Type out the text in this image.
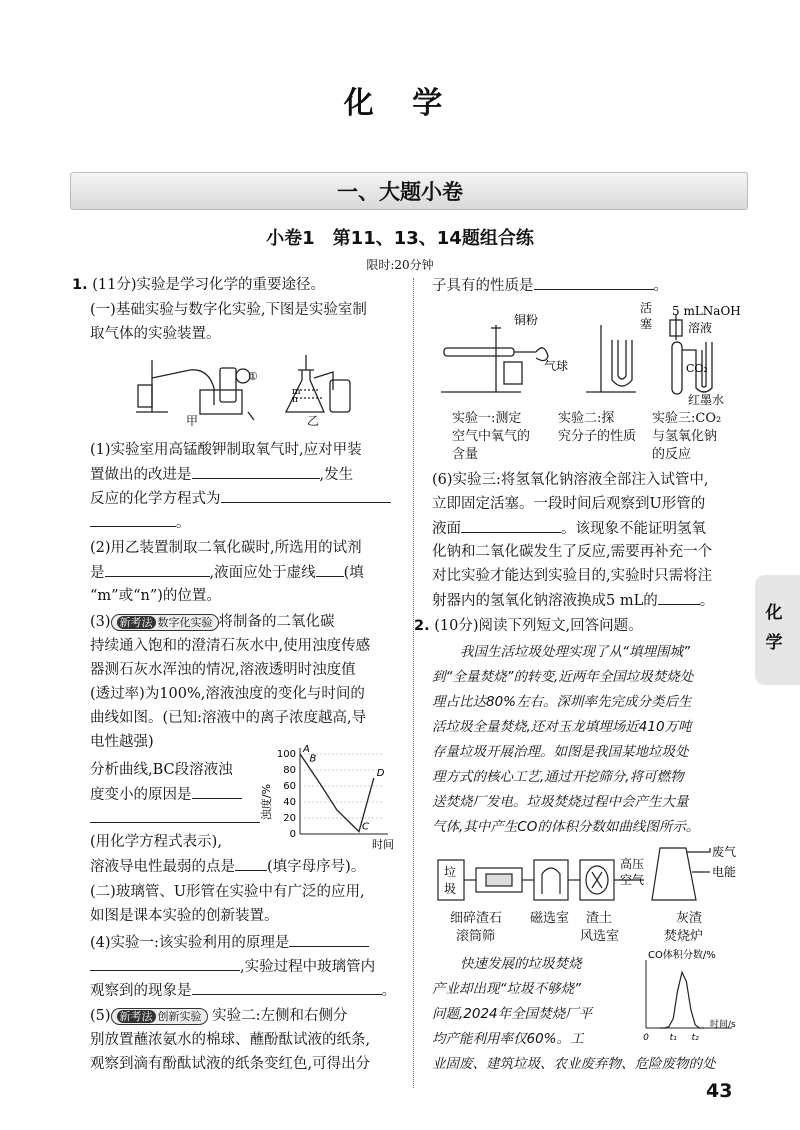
化 学
一、大题小卷
小卷1　第11、13、14题组合练
限时:20分钟
1. (11分)实验是学习化学的重要途径。
(一)基础实验与数字化实验,下图是实验室制
取气体的实验装置。
①
m
n
甲	乙
(1)实验室用高锰酸钾制取氧气时,应对甲装
置做出的改进是	,发生
反应的化学方程式为
。
(2)用乙装置制取二氧化碳时,所选用的试剂
是	,液面应处于虚线 (填
“m”或“n”)的位置。
(3) 新考法 数字化实验 将制备的二氧化碳
持续通入饱和的澄清石灰水中,使用浊度传感
器测石灰水浑浊的情况,溶液透明时浊度值
(透过率)为100%,溶液浊度的变化与时间的
曲线如图。(已知:溶液中的离子浓度越高,导
电性越强)
分析曲线,BC段溶液浊
度变小的原因是
(用化学方程式表示),
溶液导电性最弱的点是 (填字母序号)。
0
20
40
60
80
100
浊度/%
时间
A
B
C
D
(二)玻璃管、U形管在实验中有广泛的应用,
如图是课本实验的创新装置。
(4)实验一:该实验利用的原理是
,实验过程中玻璃管内
观察到的现象是	。
(5) 新考法 创新实验 实验二:左侧和右侧分
别放置蘸浓氨水的棉球、蘸酚酞试液的纸条,
观察到滴有酚酞试液的纸条变红色,可得出分
子具有的性质是	。
铜粉
气球
活
塞
5 mLNaOH
溶液
CO₂
红墨水
实验一:测定
空气中氧气的
含量
实验二:探
究分子的性质
实验三:CO₂
与氢氧化钠
的反应
(6)实验三:将氢氧化钠溶液全部注入试管中,
立即固定活塞。一段时间后观察到U形管的
液面	。该现象不能证明氢氧
化钠和二氧化碳发生了反应,需要再补充一个
对比实验才能达到实验目的,实验时只需将注
射器内的氢氧化钠溶液换成5 mL的	。
2. (10分)阅读下列短文,回答问题。
我国生活垃圾处理实现了从“填埋围城”
到“全量焚烧”的转变,近两年全国垃圾焚烧处
理占比达80%左右。深圳率先完成分类后生
活垃圾全量焚烧,还对玉龙填埋场近410万吨
存量垃圾开展治理。如图是我国某地垃圾处
理方式的核心工艺,通过开挖筛分,将可燃物
送焚烧厂发电。垃圾焚烧过程中会产生大量
气体,其中产生CO的体积分数如曲线图所示。
垃
圾
高压
空气
废气
电能
细碎渣石
滚筒筛
磁选室 渣土
风选室
灰渣
焚烧炉
快速发展的垃圾焚烧
产业却出现“垃圾不够烧”
问题,2024年全国焚烧厂平
均产能利用率仅60%。工
业固废、建筑垃圾、农业废弃物、危险废物的处
CO体积分数/%
时间/s
0 t₁ t₂
化
学
43
